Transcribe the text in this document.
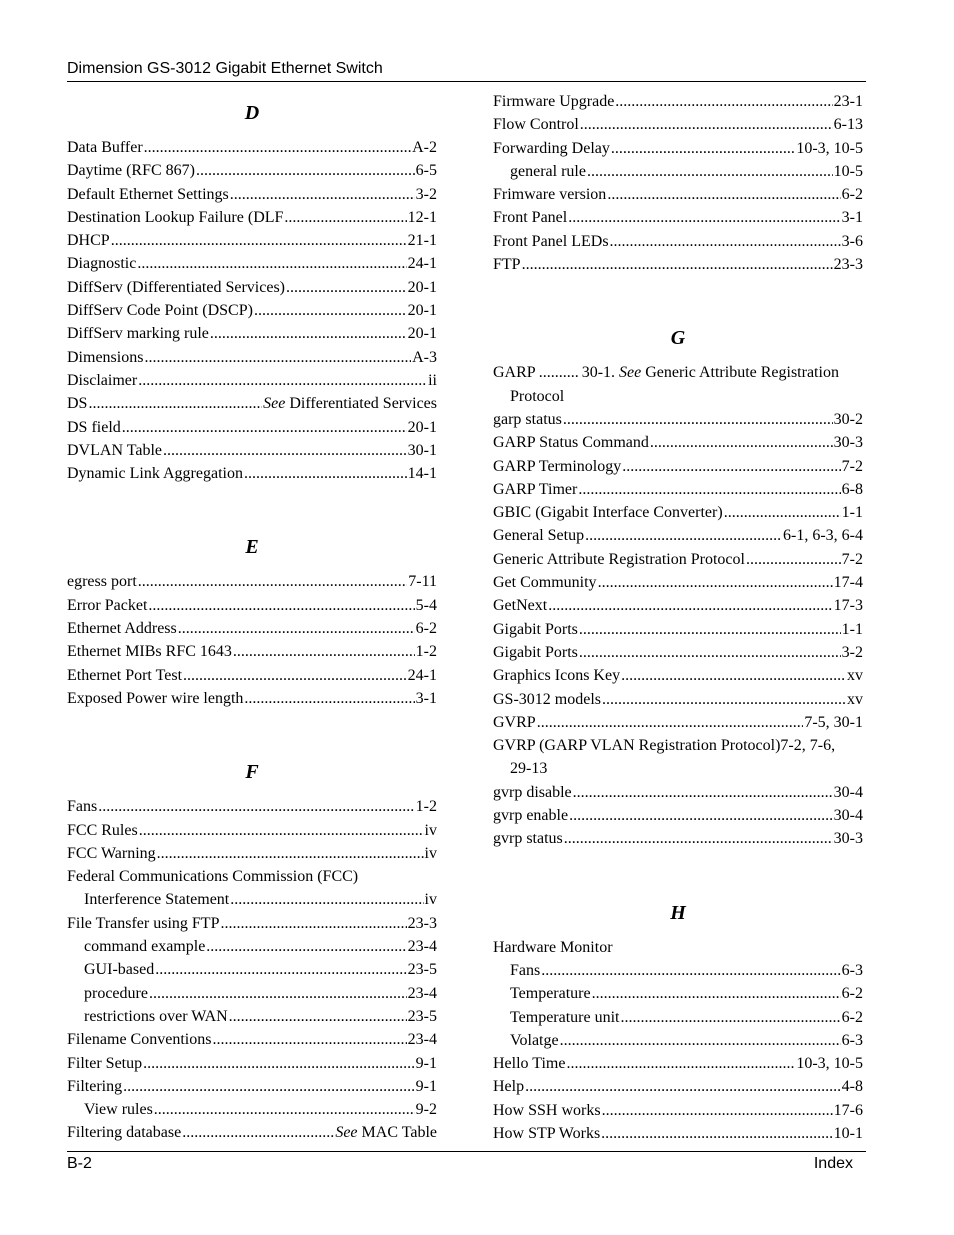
Dimension GS-3012 Gigabit Ethernet Switch
D
Data Buffer .....	A-2
Daytime (RFC 867) .....	6-5
Default Ethernet Settings .....	3-2
Destination Lookup Failure (DLF .....	12-1
DHCP .....	21-1
Diagnostic .....	24-1
DiffServ (Differentiated Services) .....	20-1
DiffServ Code Point (DSCP) .....	20-1
DiffServ marking rule .....	20-1
Dimensions .....	A-3
Disclaimer .....	ii
DS .....	See Differentiated Services
DS field .....	20-1
DVLAN Table .....	30-1
Dynamic Link Aggregation .....	14-1
E
egress port .....	7-11
Error Packet .....	5-4
Ethernet Address .....	6-2
Ethernet MIBs RFC 1643 .....	1-2
Ethernet Port Test .....	24-1
Exposed Power wire length .....	3-1
F
Fans .....	1-2
FCC Rules .....	iv
FCC Warning .....	iv
Federal Communications Commission (FCC)
Interference Statement .....	iv
File Transfer using FTP .....	23-3
command example .....	23-4
GUI-based .....	23-5
procedure .....	23-4
restrictions over WAN .....	23-5
Filename Conventions .....	23-4
Filter Setup .....	9-1
Filtering .....	9-1
View rules .....	9-2
Filtering database .....	See MAC Table
Firmware Upgrade .....	23-1
Flow Control .....	6-13
Forwarding Delay .....	10-3, 10-5
general rule .....	10-5
Frimware version .....	6-2
Front Panel .....	3-1
Front Panel LEDs .....	3-6
FTP .....	23-3
G
GARP .......... 30-1. See Generic Attribute Registration
Protocol
garp status .....	30-2
GARP Status Command .....	30-3
GARP Terminology .....	7-2
GARP Timer .....	6-8
GBIC (Gigabit Interface Converter) .....	1-1
General Setup .....	6-1, 6-3, 6-4
Generic Attribute Registration Protocol .....	7-2
Get Community .....	17-4
GetNext .....	17-3
Gigabit Ports .....	1-1
Gigabit Ports .....	3-2
Graphics Icons Key .....	xv
GS-3012 models .....	xv
GVRP .....	7-5, 30-1
GVRP (GARP VLAN Registration Protocol)7-2, 7-6,
29-13
gvrp disable .....	30-4
gvrp enable .....	30-4
gvrp status .....	30-3
H
Hardware Monitor
Fans .....	6-3
Temperature .....	6-2
Temperature unit .....	6-2
Volatge .....	6-3
Hello Time .....	10-3, 10-5
Help .....	4-8
How SSH works .....	17-6
How STP Works .....	10-1
B-2	Index
